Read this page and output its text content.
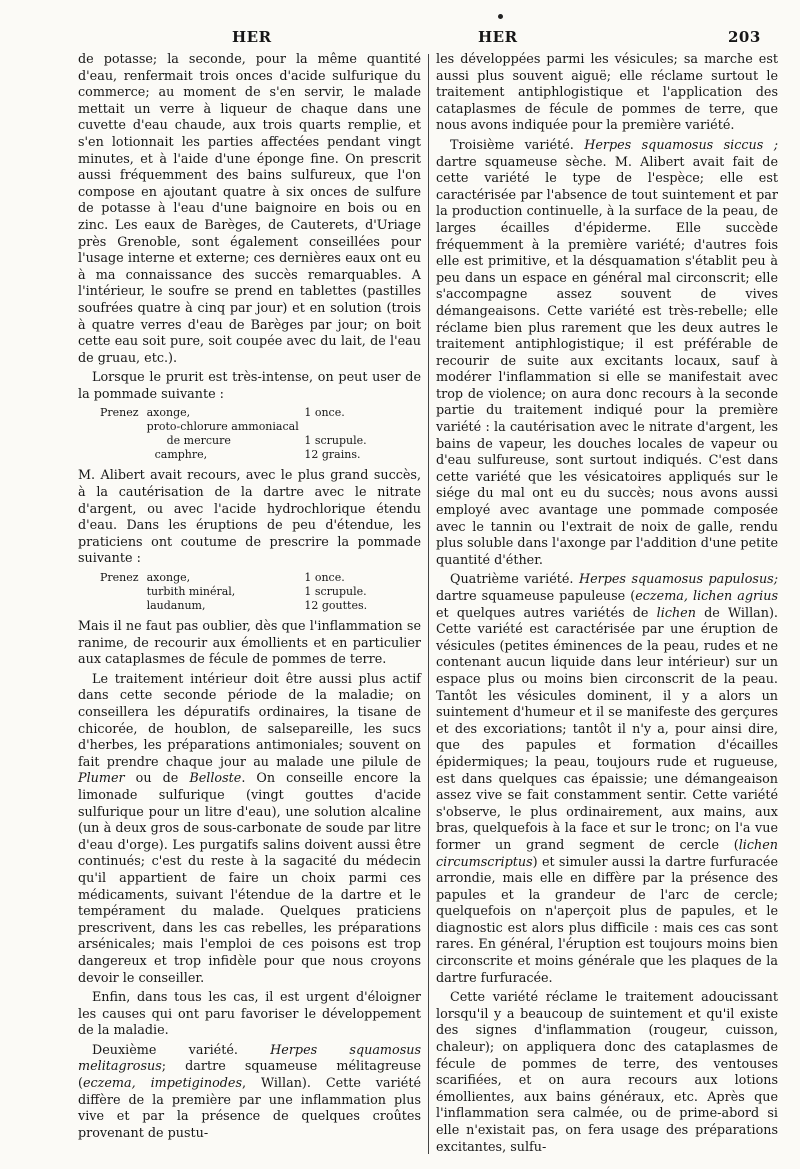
HER	HER	203

de potasse; la seconde, pour la même quantité d'eau, renfermait trois onces d'acide sulfurique du commerce; au moment de s'en servir, le malade mettait un verre à liqueur de chaque dans une cuvette d'eau chaude, aux trois quarts remplie, et s'en lotionnait les parties affectées pendant vingt minutes, et à l'aide d'une éponge fine. On prescrit aussi fréquemment des bains sulfureux, que l'on compose en ajoutant quatre à six onces de sulfure de potasse à l'eau d'une baignoire en bois ou en zinc. Les eaux de Barèges, de Cauterets, d'Uriage près Grenoble, sont également conseillées pour l'usage interne et externe; ces dernières eaux ont eu à ma connaissance des succès remarquables. A l'intérieur, le soufre se prend en tablettes (pastilles soufrées quatre à cinq par jour) et en solution (trois à quatre verres d'eau de Barèges par jour; on boit cette eau soit pure, soit coupée avec du lait, de l'eau de gruau, etc.).

Lorsque le prurit est très-intense, on peut user de la pommade suivante :

Prenez	axonge,	1 once.
	proto-chlorure ammoniacal	
	de mercure	1 scrupule.
	camphre,	12 grains.

M. Alibert avait recours, avec le plus grand succès, à la cautérisation de la dartre avec le nitrate d'argent, ou avec l'acide hydrochlorique étendu d'eau. Dans les éruptions de peu d'étendue, les praticiens ont coutume de prescrire la pommade suivante :

Prenez	axonge,	1 once.
	turbith minéral,	1 scrupule.
	laudanum,	12 gouttes.

Mais il ne faut pas oublier, dès que l'inflammation se ranime, de recourir aux émollients et en particulier aux cataplasmes de fécule de pommes de terre.

Le traitement intérieur doit être aussi plus actif dans cette seconde période de la maladie; on conseillera les dépuratifs ordinaires, la tisane de chicorée, de houblon, de salsepareille, les sucs d'herbes, les préparations antimoniales; souvent on fait prendre chaque jour au malade une pilule de Plumer ou de Belloste. On conseille encore la limonade sulfurique (vingt gouttes d'acide sulfurique pour un litre d'eau), une solution alcaline (un à deux gros de sous-carbonate de soude par litre d'eau d'orge). Les purgatifs salins doivent aussi être continués; c'est du reste à la sagacité du médecin qu'il appartient de faire un choix parmi ces médicaments, suivant l'étendue de la dartre et le tempérament du malade. Quelques praticiens prescrivent, dans les cas rebelles, les préparations arsénicales; mais l'emploi de ces poisons est trop dangereux et trop infidèle pour que nous croyons devoir le conseiller.

Enfin, dans tous les cas, il est urgent d'éloigner les causes qui ont paru favoriser le développement de la maladie.

Deuxième variété. Herpes squamosus melitagrosus; dartre squameuse mélitagreuse (eczema, impetiginodes, Willan). Cette variété diffère de la première par une inflammation plus vive et par la présence de quelques croûtes provenant de pustu-

les développées parmi les vésicules; sa marche est aussi plus souvent aiguë; elle réclame surtout le traitement antiphlogistique et l'application des cataplasmes de fécule de pommes de terre, que nous avons indiquée pour la première variété.

Troisième variété. Herpes squamosus siccus ; dartre squameuse sèche. M. Alibert avait fait de cette variété le type de l'espèce; elle est caractérisée par l'absence de tout suintement et par la production continuelle, à la surface de la peau, de larges écailles d'épiderme. Elle succède fréquemment à la première variété; d'autres fois elle est primitive, et la désquamation s'établit peu à peu dans un espace en général mal circonscrit; elle s'accompagne assez souvent de vives démangeaisons. Cette variété est très-rebelle; elle réclame bien plus rarement que les deux autres le traitement antiphlogistique; il est préférable de recourir de suite aux excitants locaux, sauf à modérer l'inflammation si elle se manifestait avec trop de violence; on aura donc recours à la seconde partie du traitement indiqué pour la première variété : la cautérisation avec le nitrate d'argent, les bains de vapeur, les douches locales de vapeur ou d'eau sulfureuse, sont surtout indiqués. C'est dans cette variété que les vésicatoires appliqués sur le siége du mal ont eu du succès; nous avons aussi employé avec avantage une pommade composée avec le tannin ou l'extrait de noix de galle, rendu plus soluble dans l'axonge par l'addition d'une petite quantité d'éther.

Quatrième variété. Herpes squamosus papulosus; dartre squameuse papuleuse (eczema, lichen agrius et quelques autres variétés de lichen de Willan). Cette variété est caractérisée par une éruption de vésicules (petites éminences de la peau, rudes et ne contenant aucun liquide dans leur intérieur) sur un espace plus ou moins bien circonscrit de la peau. Tantôt les vésicules dominent, il y a alors un suintement d'humeur et il se manifeste des gerçures et des excoriations; tantôt il n'y a, pour ainsi dire, que des papules et formation d'écailles épidermiques; la peau, toujours rude et rugueuse, est dans quelques cas épaissie; une démangeaison assez vive se fait constamment sentir. Cette variété s'observe, le plus ordinairement, aux mains, aux bras, quelquefois à la face et sur le tronc; on l'a vue former un grand segment de cercle (lichen circumscriptus) et simuler aussi la dartre furfuracée arrondie, mais elle en diffère par la présence des papules et la grandeur de l'arc de cercle; quelquefois on n'aperçoit plus de papules, et le diagnostic est alors plus difficile : mais ces cas sont rares. En général, l'éruption est toujours moins bien circonscrite et moins générale que les plaques de la dartre furfuracée.

Cette variété réclame le traitement adoucissant lorsqu'il y a beaucoup de suintement et qu'il existe des signes d'inflammation (rougeur, cuisson, chaleur); on appliquera donc des cataplasmes de fécule de pommes de terre, des ventouses scarifiées, et on aura recours aux lotions émollientes, aux bains généraux, etc. Après que l'inflammation sera calmée, ou de prime-abord si elle n'existait pas, on fera usage des préparations excitantes, sulfu-
